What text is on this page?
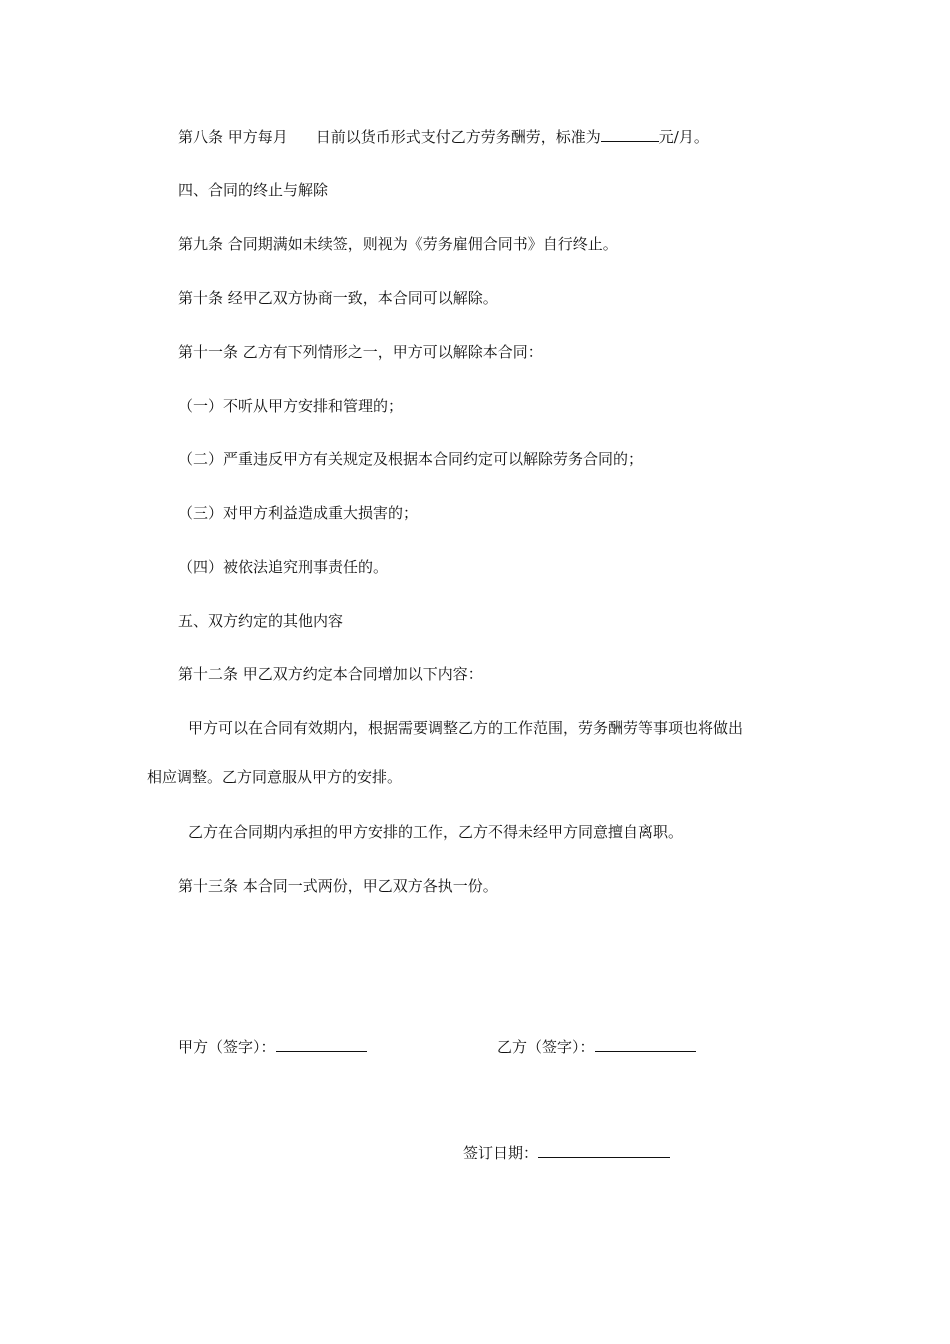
第八条 甲方每月 日前以货币形式支付乙方劳务酬劳，标准为	元/月。
四、合同的终止与解除
第九条 合同期满如未续签，则视为《劳务雇佣合同书》自行终止。
第十条 经甲乙双方协商一致，本合同可以解除。
第十一条 乙方有下列情形之一，甲方可以解除本合同：
（一）不听从甲方安排和管理的；
（二）严重违反甲方有关规定及根据本合同约定可以解除劳务合同的；
（三）对甲方利益造成重大损害的；
（四）被依法追究刑事责任的。
五、双方约定的其他内容
第十二条 甲乙双方约定本合同增加以下内容：
甲方可以在合同有效期内，根据需要调整乙方的工作范围，劳务酬劳等事项也将做出
相应调整。乙方同意服从甲方的安排。
乙方在合同期内承担的甲方安排的工作，乙方不得未经甲方同意擅自离职。
第十三条 本合同一式两份，甲乙双方各执一份。
甲方（签字）：	乙方（签字）：
签订日期：
